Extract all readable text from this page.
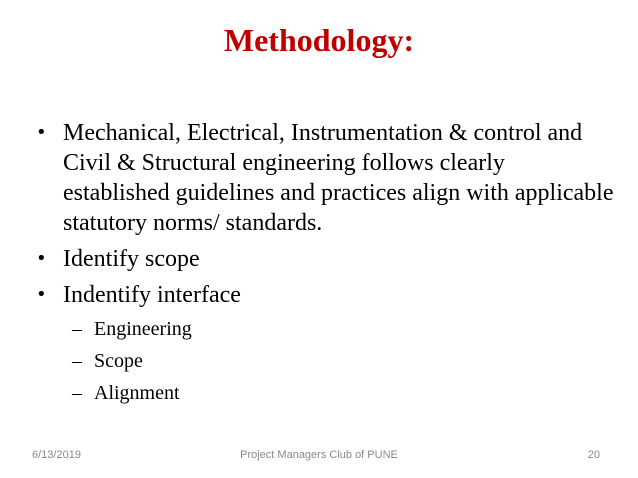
Methodology:
• Mechanical, Electrical, Instrumentation & control and Civil & Structural engineering follows clearly established guidelines and practices align with applicable statutory norms/ standards.
• Identify scope
• Indentify interface
– Engineering
– Scope
– Alignment
6/13/2019	Project Managers Club of PUNE	20
